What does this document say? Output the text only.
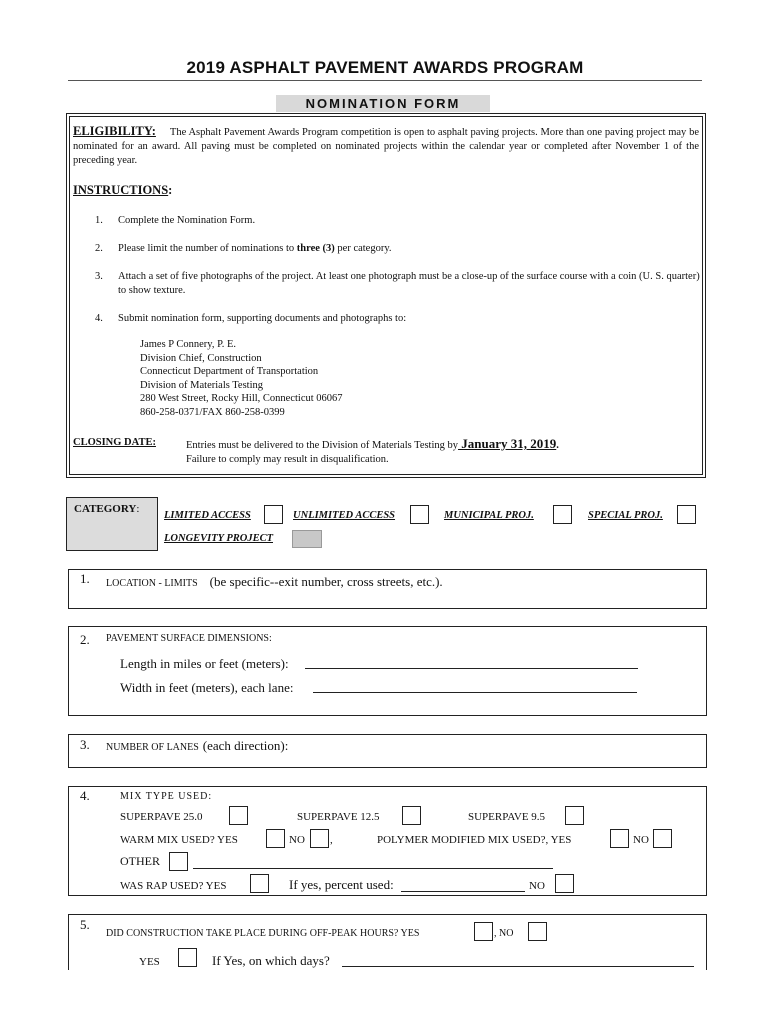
2019 ASPHALT PAVEMENT AWARDS PROGRAM
NOMINATION FORM
ELIGIBILITY: The Asphalt Pavement Awards Program competition is open to asphalt paving projects. More than one paving project may be nominated for an award. All paving must be completed on nominated projects within the calendar year or completed after November 1 of the preceding year.
INSTRUCTIONS:
1. Complete the Nomination Form.
2. Please limit the number of nominations to three (3) per category.
3. Attach a set of five photographs of the project. At least one photograph must be a close-up of the surface course with a coin (U. S. quarter) to show texture.
4. Submit nomination form, supporting documents and photographs to:
James P Connery, P. E.
Division Chief, Construction
Connecticut Department of Transportation
Division of Materials Testing
280 West Street, Rocky Hill, Connecticut 06067
860-258-0371/FAX 860-258-0399
CLOSING DATE:	Entries must be delivered to the Division of Materials Testing by January 31, 2019.
Failure to comply may result in disqualification.
CATEGORY:
LIMITED ACCESS	UNLIMITED ACCESS	MUNICIPAL PROJ.	SPECIAL PROJ.
LONGEVITY PROJECT
1. LOCATION - LIMITS (be specific--exit number, cross streets, etc.).
2. PAVEMENT SURFACE DIMENSIONS:
Length in miles or feet (meters):
Width in feet (meters), each lane:
3. NUMBER OF LANES (each direction):
4.	MIX TYPE USED:
SUPERPAVE 25.0	SUPERPAVE 12.5	SUPERPAVE 9.5
WARM MIX USED? YES	NO ,	POLYMER MODIFIED MIX USED?, YES	NO
OTHER
WAS RAP USED? YES	If yes, percent used:	NO
5.
DID CONSTRUCTION TAKE PLACE DURING OFF-PEAK HOURS? YES	, NO
YES	If Yes, on which days?
